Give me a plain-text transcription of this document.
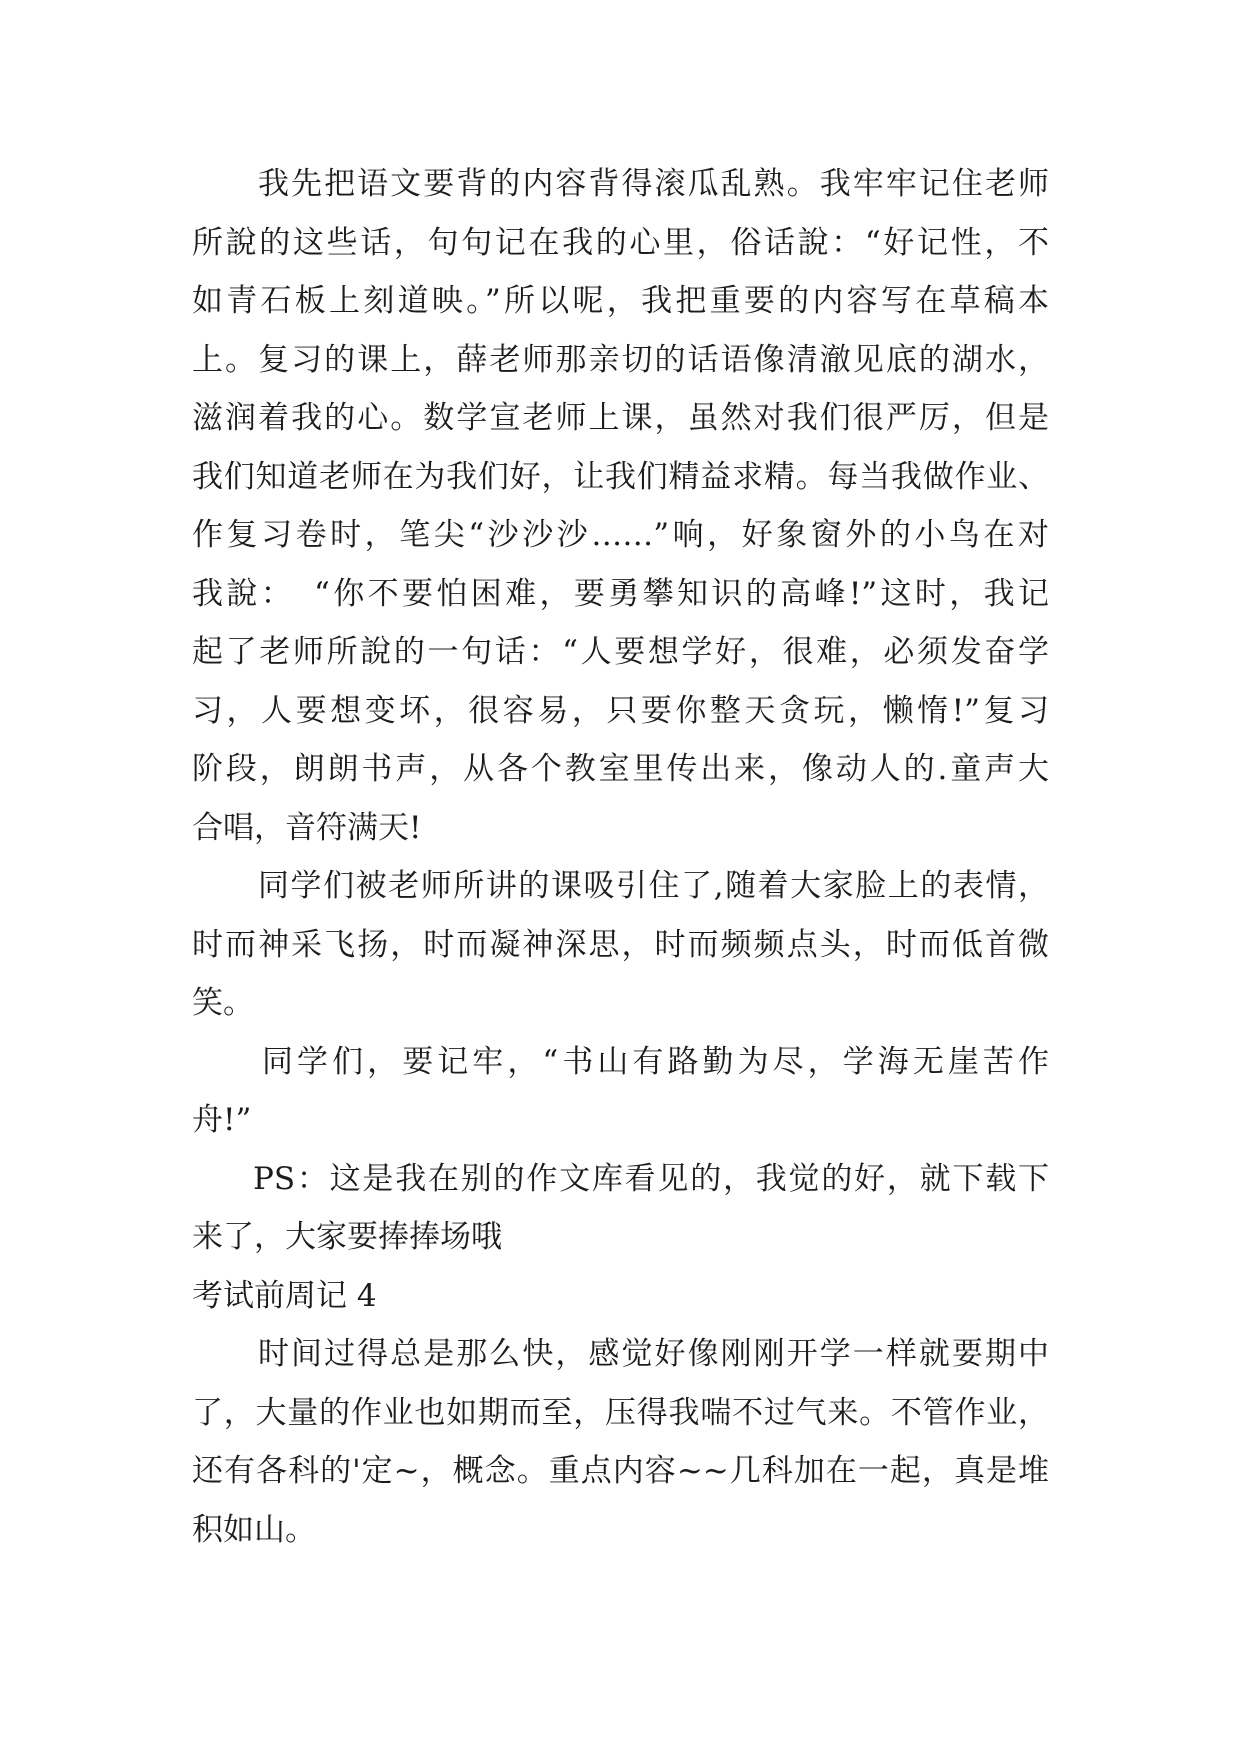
我先把语文要背的内容背得滚瓜乱熟。我牢牢记住老师
所說的这些话，句句记在我的心里，俗话說：“好记性，不
如青石板上刻道映。”所以呢，我把重要的内容写在草稿本
上。复习的课上，薛老师那亲切的话语像清澈见底的湖水，
滋润着我的心。数学宣老师上课，虽然对我们很严厉，但是
我们知道老师在为我们好，让我们精益求精。每当我做作业、
作复习卷时，笔尖“沙沙沙……”响，好象窗外的小鸟在对
我說：　“你不要怕困难，要勇攀知识的高峰!”这时，我记
起了老师所說的一句话：“人要想学好，很难，必须发奋学
习，人要想变坏，很容易，只要你整天贪玩，懒惰!”复习
阶段，朗朗书声，从各个教室里传出来，像动人的.童声大
合唱，音符满天!
同学们被老师所讲的课吸引住了,随着大家脸上的表情，
时而神采飞扬，时而凝神深思，时而频频点头，时而低首微
笑。
同学们，要记牢，“书山有路勤为尽，学海无崖苦作
舟!”
PS：这是我在别的作文库看见的，我觉的好，就下载下
来了，大家要捧捧场哦
考试前周记 4
时间过得总是那么快，感觉好像刚刚开学一样就要期中
了，大量的作业也如期而至，压得我喘不过气来。不管作业，
还有各科的'定~，概念。重点内容~~几科加在一起，真是堆
积如山。
